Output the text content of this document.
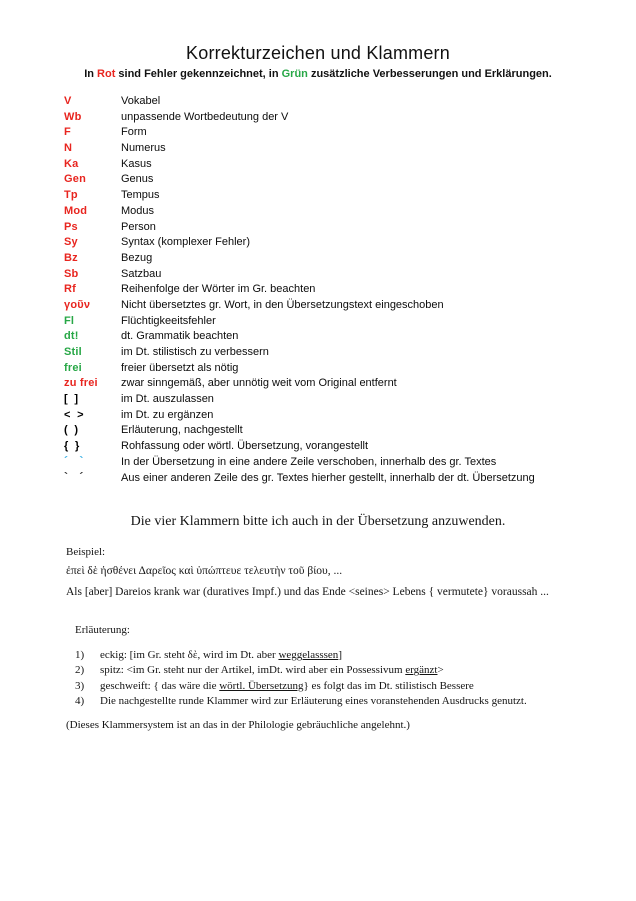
Korrekturzeichen und Klammern
In Rot sind Fehler gekennzeichnet, in Grün zusätzliche Verbesserungen und Erklärungen.
V	Vokabel
Wb	unpassende Wortbedeutung der V
F	Form
N	Numerus
Ka	Kasus
Gen	Genus
Tp	Tempus
Mod	Modus
Ps	Person
Sy	Syntax (komplexer Fehler)
Bz	Bezug
Sb	Satzbau
Rf	Reihenfolge der Wörter im Gr. beachten
γοῦν	Nicht übersetztes gr. Wort, in den Übersetzungstext eingeschoben
Fl	Flüchtigkeeitsfehler
dt!	dt. Grammatik beachten
Stil	im Dt. stilistisch zu verbessern
frei	freier übersetzt als nötig
zu frei	zwar sinngemäß, aber unnötig weit vom Original entfernt
[  ]	im Dt. auszulassen
<  >	im Dt. zu ergänzen
(  )	Erläuterung, nachgestellt
{  }	Rohfassung oder wörtl. Übersetzung, vorangestellt
´ `	In der Übersetzung in eine andere Zeile verschoben, innerhalb des gr. Textes
` ´	Aus einer anderen Zeile des gr. Textes hierher gestellt, innerhalb der dt. Übersetzung
Die vier Klammern bitte ich auch in der Übersetzung anzuwenden.
Beispiel:
ἐπεὶ δὲ ἠσθένει Δαρεῖος καὶ ὑπώπτευε τελευτὴν τοῦ βίου, ...
Als [aber] Dareios krank war (duratives Impf.) und das Ende <seines> Lebens { vermutete} voraussah ...
Erläuterung:
1)	eckig: [im Gr. steht δὲ, wird im Dt. aber weggelasssen]
2)	spitz: <im Gr. steht nur der Artikel, imDt. wird aber ein Possessivum ergänzt>
3)	geschweift: { das wäre die wörtl. Übersetzung} es folgt das im Dt. stilistisch Bessere
4)	Die nachgestellte runde Klammer wird zur Erläuterung eines voranstehenden Ausdrucks genutzt.
(Dieses Klammersystem ist an das in der Philologie gebräuchliche angelehnt.)
